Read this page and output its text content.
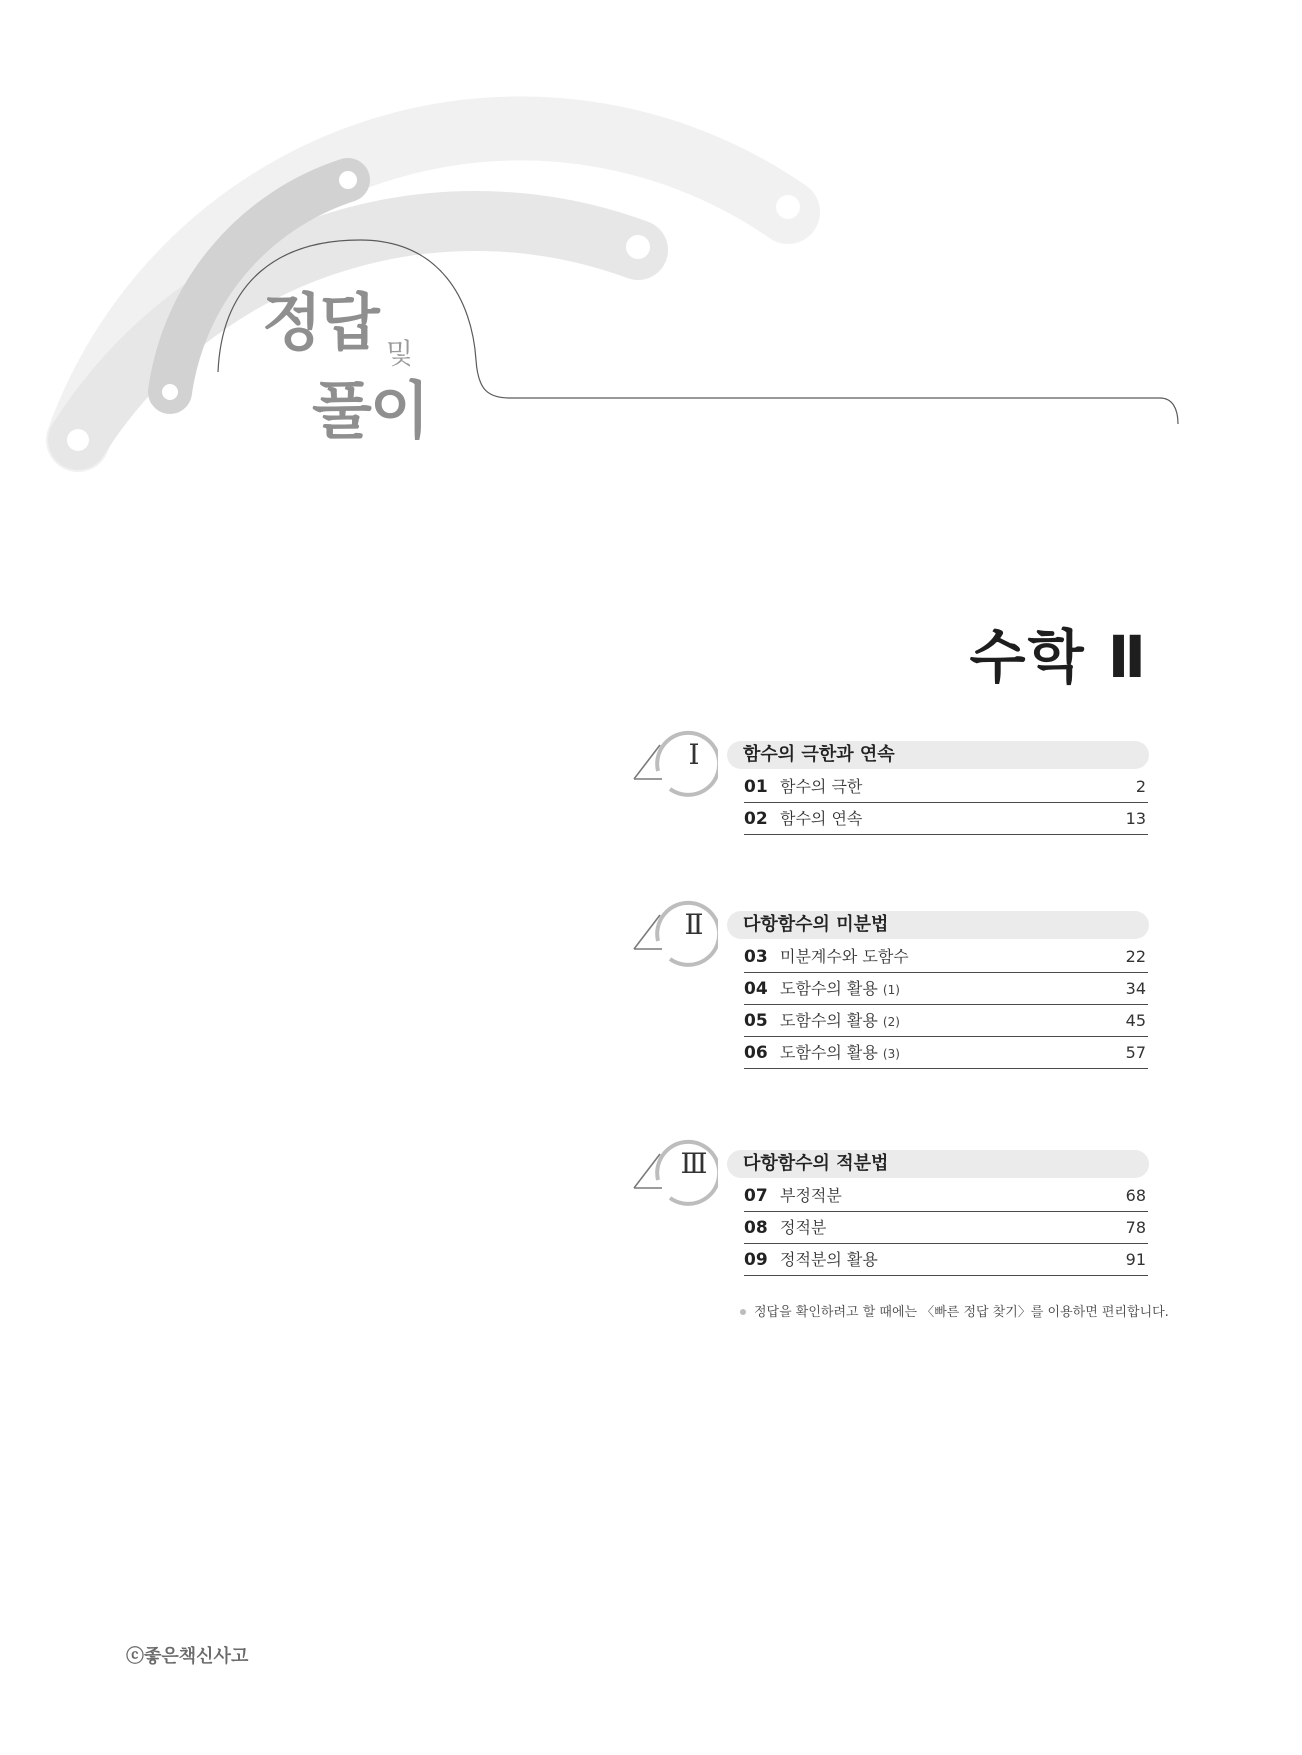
정답 및
풀이
수학 Ⅱ
Ⅰ	함수의 극한과 연속
01 함수의 극한	2
02 함수의 연속	13
Ⅱ	다항함수의 미분법
03 미분계수와 도함수	22
04 도함수의 활용 (1)	34
05 도함수의 활용 (2)	45
06 도함수의 활용 (3)	57
Ⅲ	다항함수의 적분법
07 부정적분	68
08 정적분	78
09 정적분의 활용	91
정답을 확인하려고 할 때에는 〈빠른 정답 찾기〉를 이용하면 편리합니다.
ⓒ좋은책신사고
